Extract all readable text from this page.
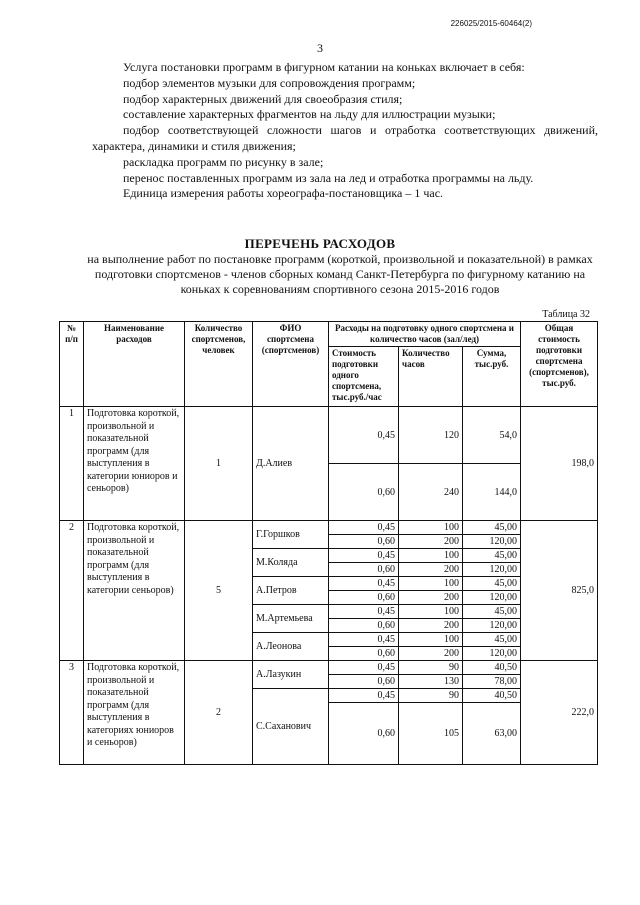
226025/2015-60464(2)
3

Услуга постановки программ в фигурном катании на коньках включает в себя:

подбор элементов музыки для сопровождения программ;

подбор характерных движений для своеобразия стиля;

составление характерных фрагментов на льду для иллюстрации музыки;

подбор соответствующей сложности шагов и отработка соответствующих движений, характера, динамики и стиля движения;

раскладка программ по рисунку в зале;

перенос поставленных программ из зала на лед и отработка программы на льду.

Единица измерения работы хореографа-постановщика – 1 час.

ПЕРЕЧЕНЬ РАСХОДОВ
на выполнение работ по постановке программ (короткой, произвольной и показательной) в рамках подготовки спортсменов - членов сборных команд Санкт-Петербурга по фигурному катанию на коньках к соревнованиям спортивного сезона 2015-2016 годов
Таблица 32
№ п/п	Наименование расходов	Количество спортсменов, человек	ФИО спортсмена (спортсменов)	Расходы на подготовку одного спортсмена и количество часов (зал/лед)			Общая стоимость подготовки спортсмена (спортсменов), тыс.руб.
				Стоимость подготовки одного спортсмена, тыс.руб./час	Количество часов	Сумма, тыс.руб.	
1	Подготовка короткой, произвольной и показательной программ (для выступления в категории юниоров и сеньоров)	1	Д.Алиев	0,45	120	54,0	198,0
				0,60	240	144,0	
2	Подготовка короткой, произвольной и показательной программ (для выступления в категории сеньоров)	5	Г.Горшков	0,45	100	45,00	825,0
				0,60	200	120,00	
			М.Коляда	0,45	100	45,00	
				0,60	200	120,00	
			А.Петров	0,45	100	45,00	
				0,60	200	120,00	
			М.Артемьева	0,45	100	45,00	
				0,60	200	120,00	
			А.Леонова	0,45	100	45,00	
				0,60	200	120,00	
3	Подготовка короткой, произвольной и показательной программ (для выступления в категориях юниоров и сеньоров)	2	А.Лазукин	0,45	90	40,50	222,0
				0,60	130	78,00	
			С.Саханович	0,45	90	40,50	
				0,60	105	63,00	
